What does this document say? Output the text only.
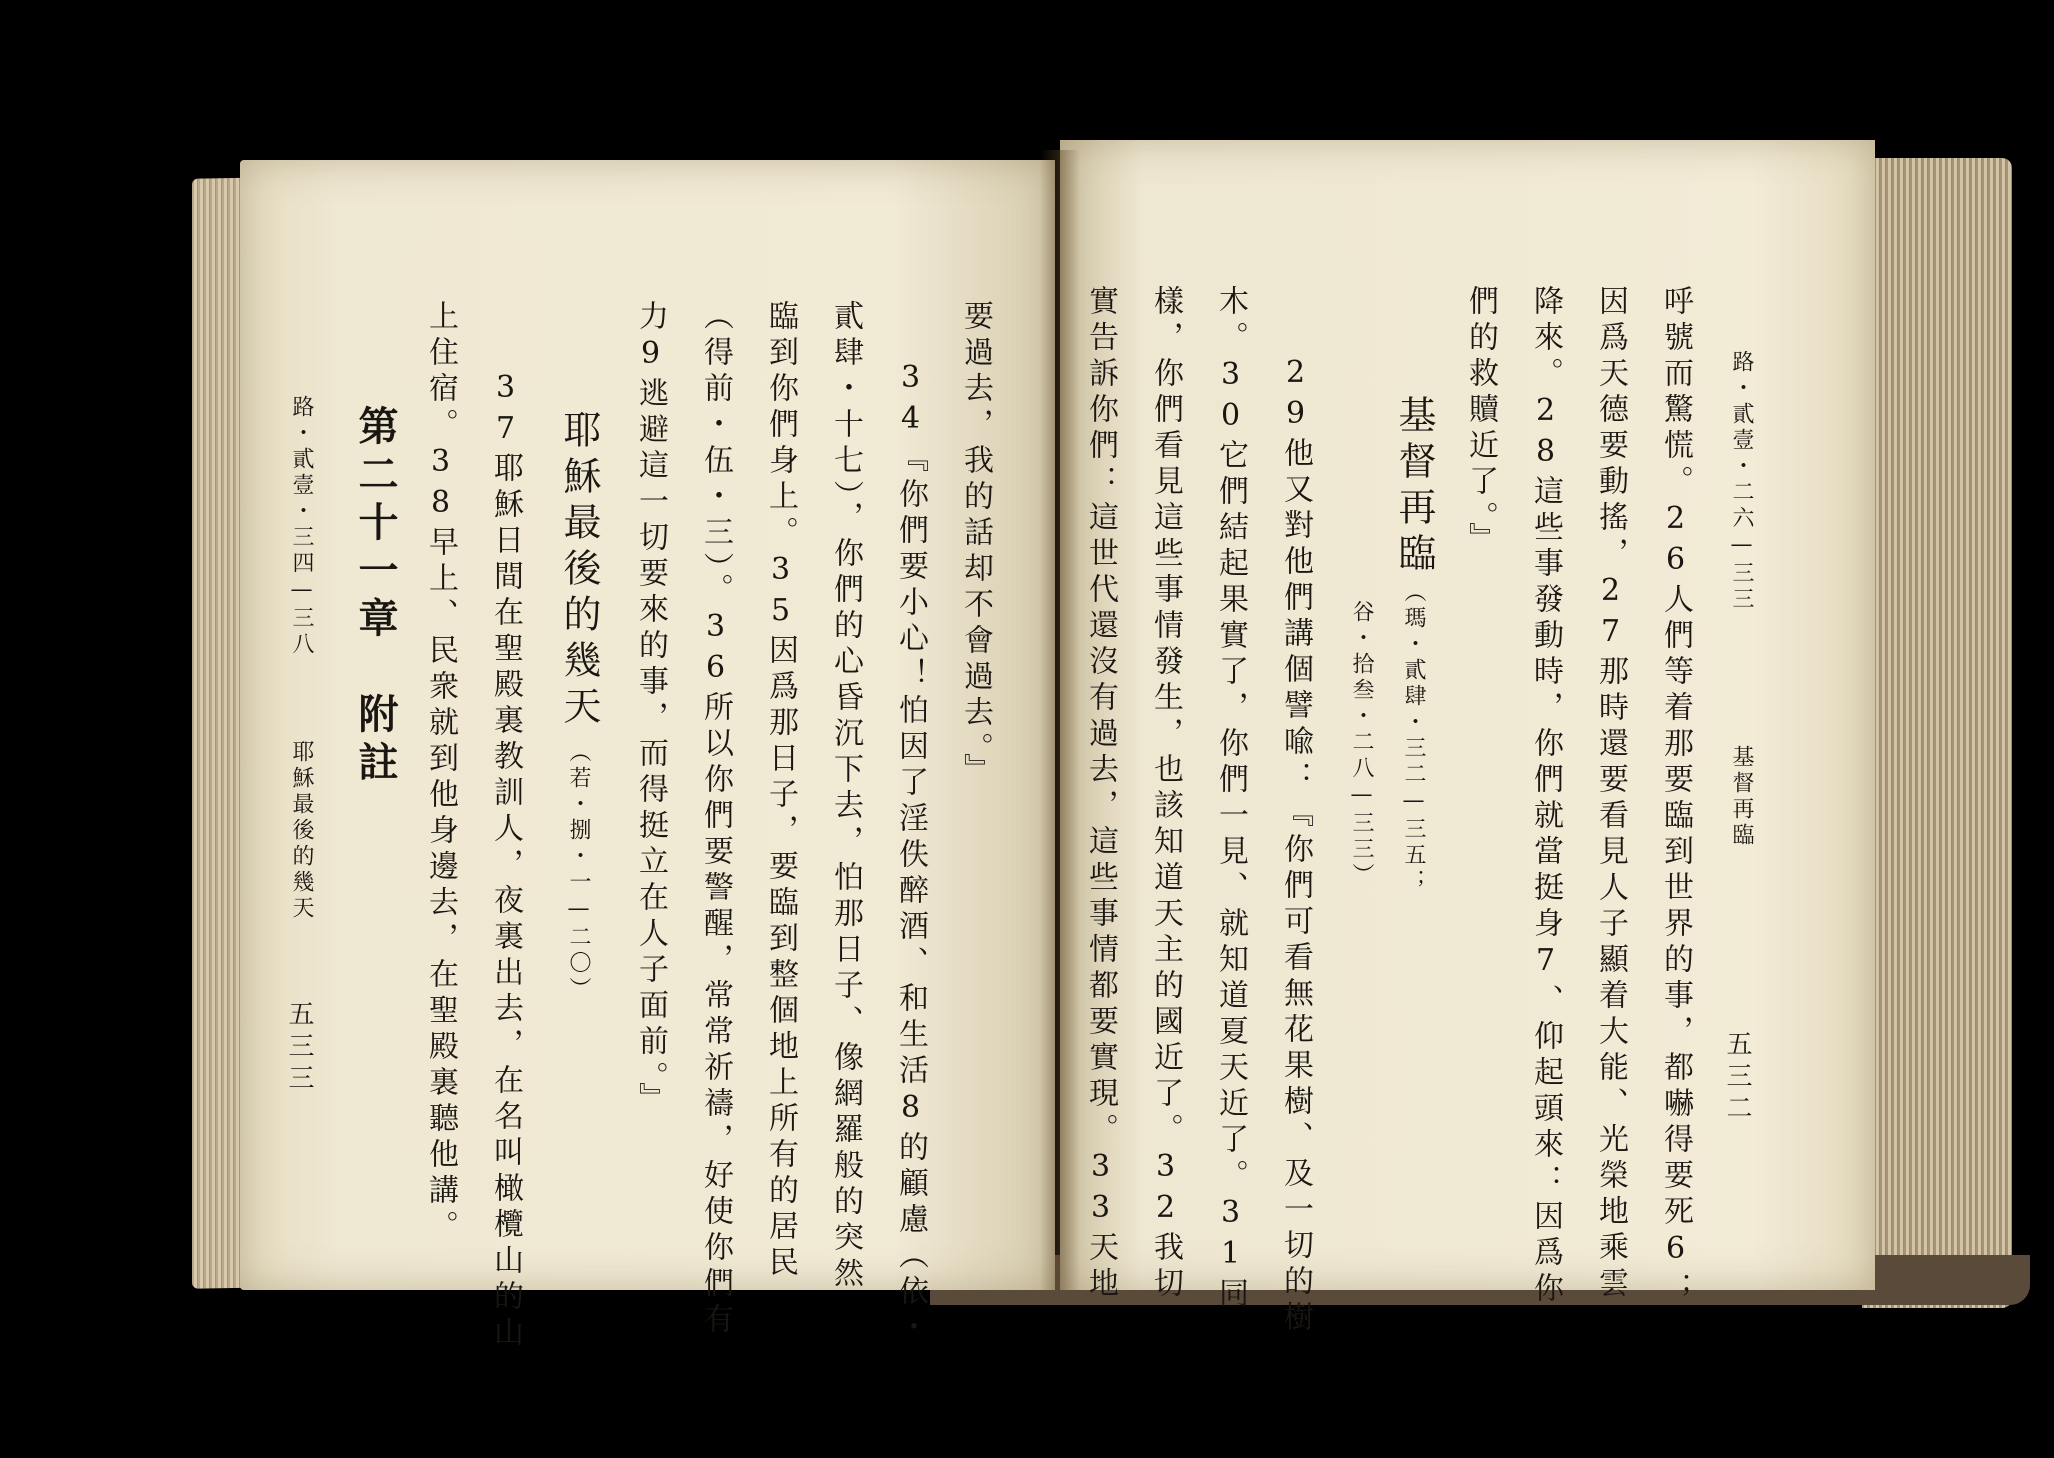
路・貳壹・二六—三三
基督再臨
五三二
呼號而驚慌。26人們等着那要臨到世界的事，都嚇得要死6；
因爲天德要動搖，27那時還要看見人子顯着大能、光榮地乘雲
降來。28這些事發動時，你們就當挺身7、仰起頭來：因爲你
們的救贖近了。』
基督再臨
（瑪・貳肆・三二—三五；
谷・拾叁・二八—三三）
29他又對他們講個譬喩：『你們可看無花果樹、及一切的樹
木。30它們結起果實了，你們一見、就知道夏天近了。31同
樣，你們看見這些事情發生，也該知道天主的國近了。32我切
實告訴你們：這世代還沒有過去，這些事情都要實現。33天地
要過去，我的話却不會過去。』
34『你們要小心！怕因了淫佚醉酒、和生活8的顧慮（依・
貳肆・十七），你們的心昏沉下去，怕那日子、像網羅般的突然
臨到你們身上。35因爲那日子，要臨到整個地上所有的居民
（得前・伍・三）。36所以你們要警醒，常常祈禱，好使你們有
力9逃避這一切要來的事，而得挺立在人子面前。』
耶穌最後的幾天
（若・捌・一—二〇）
37耶穌日間在聖殿裏教訓人，夜裏出去，在名叫橄欖山的山
上住宿。38早上、民衆就到他身邊去，在聖殿裏聽他講。
第二十一章　附註
路・貳壹・三四—三八
耶穌最後的幾天
五三三
